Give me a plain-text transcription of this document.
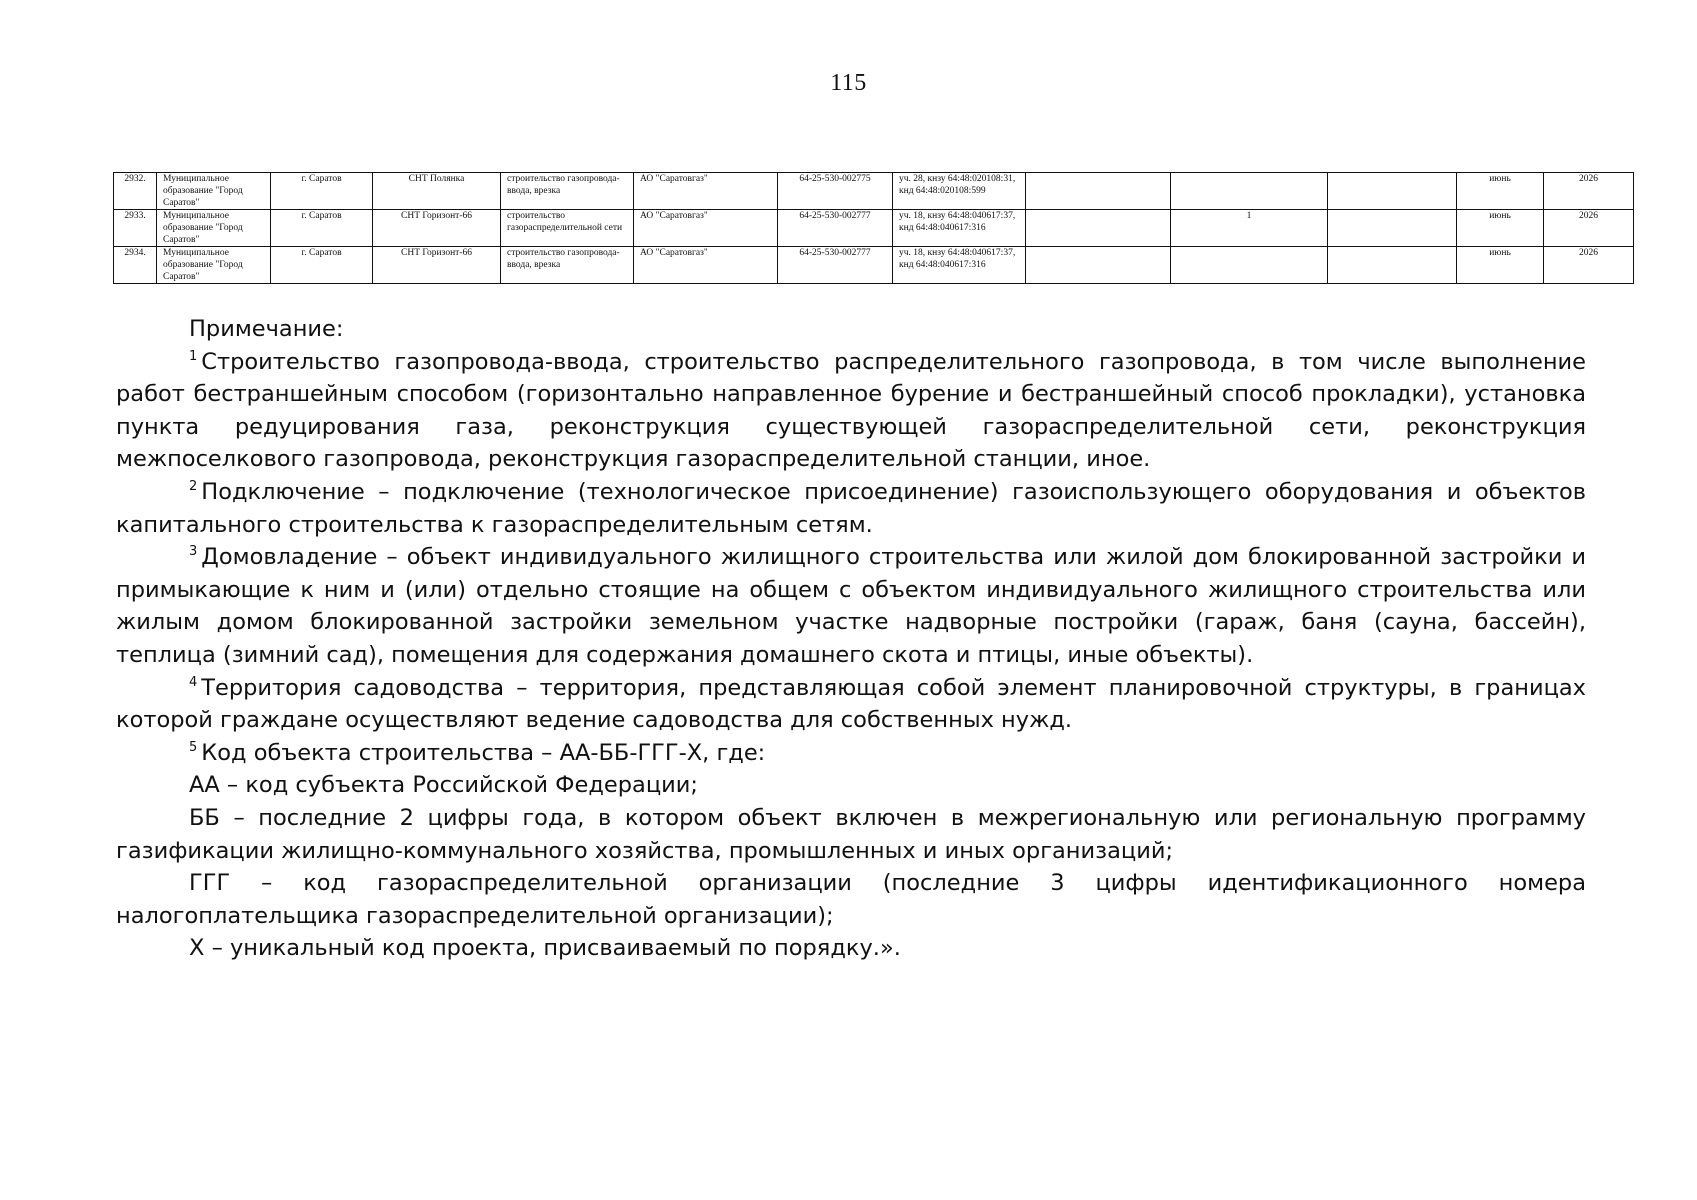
115
2932.	Муниципальное образование "Город Саратов"	г. Саратов	СНТ Полянка	строительство газопровода-ввода, врезка	АО "Саратовгаз"	64-25-530-002775	уч. 28, кнзу 64:48:020108:31, кнд 64:48:020108:599				июнь	2026
2933.	Муниципальное образование "Город Саратов"	г. Саратов	СНТ Горизонт-66	строительство газораспределительной сети	АО "Саратовгаз"	64-25-530-002777	уч. 18, кнзу 64:48:040617:37, кнд 64:48:040617:316		1		июнь	2026
2934.	Муниципальное образование "Город Саратов"	г. Саратов	СНТ Горизонт-66	строительство газопровода-ввода, врезка	АО "Саратовгаз"	64-25-530-002777	уч. 18, кнзу 64:48:040617:37, кнд 64:48:040617:316				июнь	2026

Примечание:

$^1$ Строительство газопровода-ввода, строительство распределительного газопровода, в том числе выполнение работ бестраншейным способом (горизонтально направленное бурение и бестраншейный способ прокладки), установка пункта редуцирования газа, реконструкция существующей газораспределительной сети, реконструкция межпоселкового газопровода, реконструкция газораспределительной станции, иное.

$^2$ Подключение – подключение (технологическое присоединение) газоиспользующего оборудования и объектов капитального строительства к газораспределительным сетям.

$^3$ Домовладение – объект индивидуального жилищного строительства или жилой дом блокированной застройки и примыкающие к ним и (или) отдельно стоящие на общем с объектом индивидуального жилищного строительства или жилым домом блокированной застройки земельном участке надворные постройки (гараж, баня (сауна, бассейн), теплица (зимний сад), помещения для содержания домашнего скота и птицы, иные объекты).

$^4$ Территория садоводства – территория, представляющая собой элемент планировочной структуры, в границах которой граждане осуществляют ведение садоводства для собственных нужд.

$^5$ Код объекта строительства – АА-ББ-ГГГ-Х, где:

АА – код субъекта Российской Федерации;

ББ – последние 2 цифры года, в котором объект включен в межрегиональную или региональную программу газификации жилищно-коммунального хозяйства, промышленных и иных организаций;

ГГГ – код газораспределительной организации (последние 3 цифры идентификационного номера налогоплательщика газораспределительной организации);

Х – уникальный код проекта, присваиваемый по порядку.».
